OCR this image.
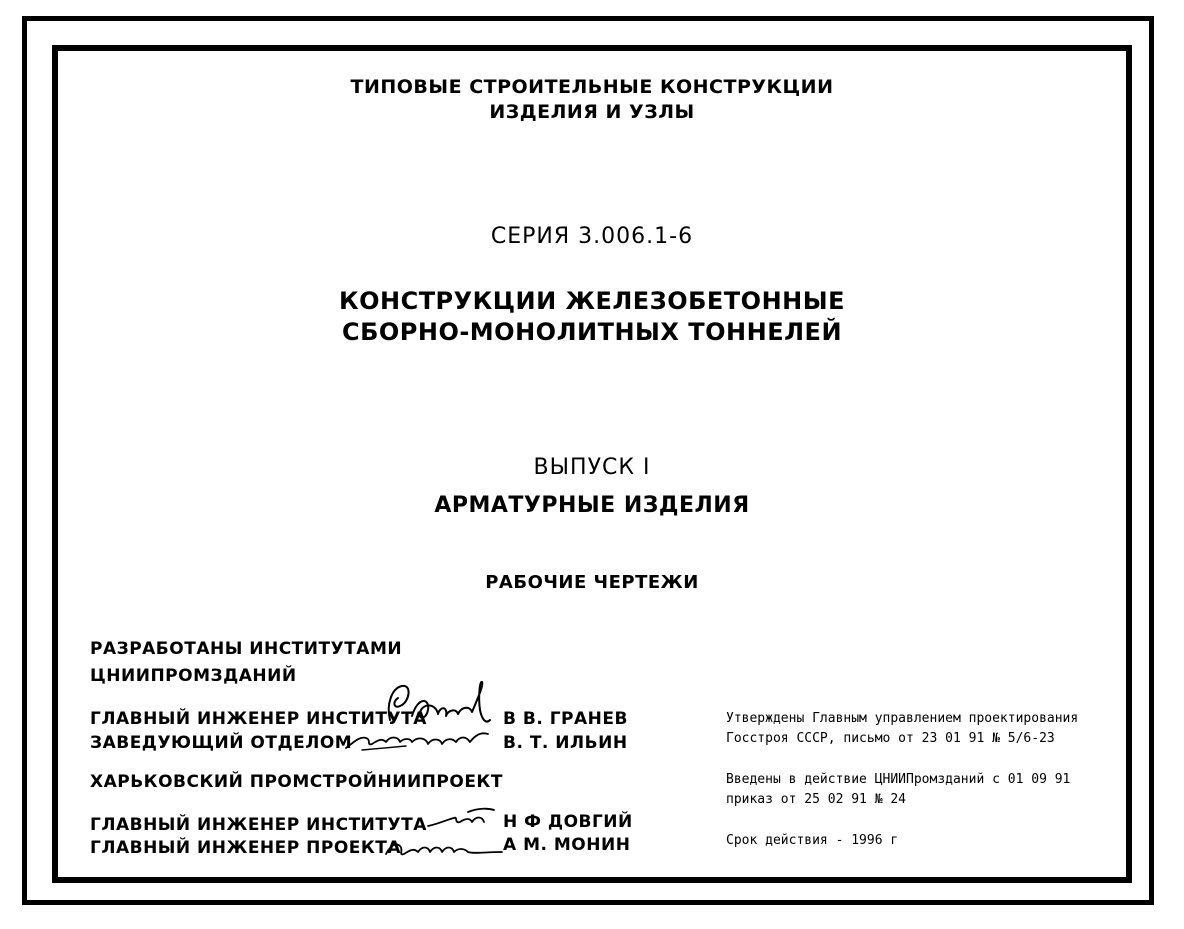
ТИПОВЫЕ СТРОИТЕЛЬНЫЕ КОНСТРУКЦИИ
ИЗДЕЛИЯ И УЗЛЫ
СЕРИЯ 3.006.1-6
КОНСТРУКЦИИ ЖЕЛЕЗОБЕТОННЫЕ
СБОРНО-МОНОЛИТНЫХ ТОННЕЛЕЙ
ВЫПУСК I
АРМАТУРНЫЕ ИЗДЕЛИЯ
РАБОЧИЕ ЧЕРТЕЖИ
РАЗРАБОТАНЫ ИНСТИТУТАМИ
ЦНИИПРОМЗДАНИЙ
ГЛАВНЫЙ ИНЖЕНЕР ИНСТИТУТА	В В. ГРАНЕВ
ЗАВЕДУЮЩИЙ ОТДЕЛОМ	В. Т. ИЛЬИН
ХАРЬКОВСКИЙ ПРОМСТРОЙНИИПРОЕКТ
ГЛАВНЫЙ ИНЖЕНЕР ИНСТИТУТА	Н Ф ДОВГИЙ
ГЛАВНЫЙ ИНЖЕНЕР ПРОЕКТА	А М. МОНИН
Утверждены Главным управлением проектирования
Госстроя СССР, письмо от 23 01 91 № 5/6-23
Введены в действие ЦНИИПромзданий с 01 09 91
приказ от 25 02 91 № 24
Срок действия - 1996 г
